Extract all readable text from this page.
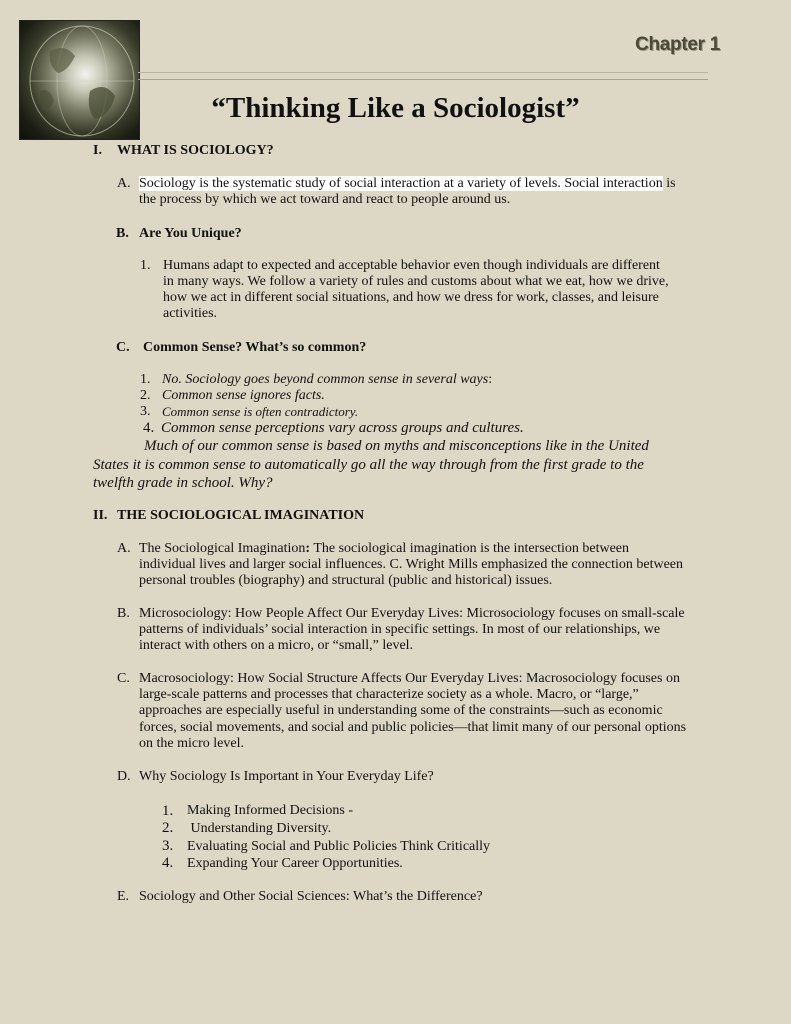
Chapter 1
“Thinking Like a Sociologist”
I. WHAT IS SOCIOLOGY?
A. Sociology is the systematic study of social interaction at a variety of levels. Social interaction is
the process by which we act toward and react to people around us.
B. Are You Unique?
1. Humans adapt to expected and acceptable behavior even though individuals are different
in many ways. We follow a variety of rules and customs about what we eat, how we drive,
how we act in different social situations, and how we dress for work, classes, and leisure
activities.
C. Common Sense? What’s so common?
1. No. Sociology goes beyond common sense in several ways:
2. Common sense ignores facts.
3. Common sense is often contradictory.
4. Common sense perceptions vary across groups and cultures.
Much of our common sense is based on myths and misconceptions like in the United
States it is common sense to automatically go all the way through from the first grade to the
twelfth grade in school. Why?
II. THE SOCIOLOGICAL IMAGINATION
A. The Sociological Imagination: The sociological imagination is the intersection between
individual lives and larger social influences. C. Wright Mills emphasized the connection between
personal troubles (biography) and structural (public and historical) issues.
B. Microsociology: How People Affect Our Everyday Lives: Microsociology focuses on small-scale
patterns of individuals’ social interaction in specific settings. In most of our relationships, we
interact with others on a micro, or “small,” level.
C. Macrosociology: How Social Structure Affects Our Everyday Lives: Macrosociology focuses on
large-scale patterns and processes that characterize society as a whole. Macro, or “large,”
approaches are especially useful in understanding some of the constraints—such as economic
forces, social movements, and social and public policies—that limit many of our personal options
on the micro level.
D. Why Sociology Is Important in Your Everyday Life?
1. Making Informed Decisions -
2. Understanding Diversity.
3. Evaluating Social and Public Policies Think Critically
4. Expanding Your Career Opportunities.
E. Sociology and Other Social Sciences: What’s the Difference?
